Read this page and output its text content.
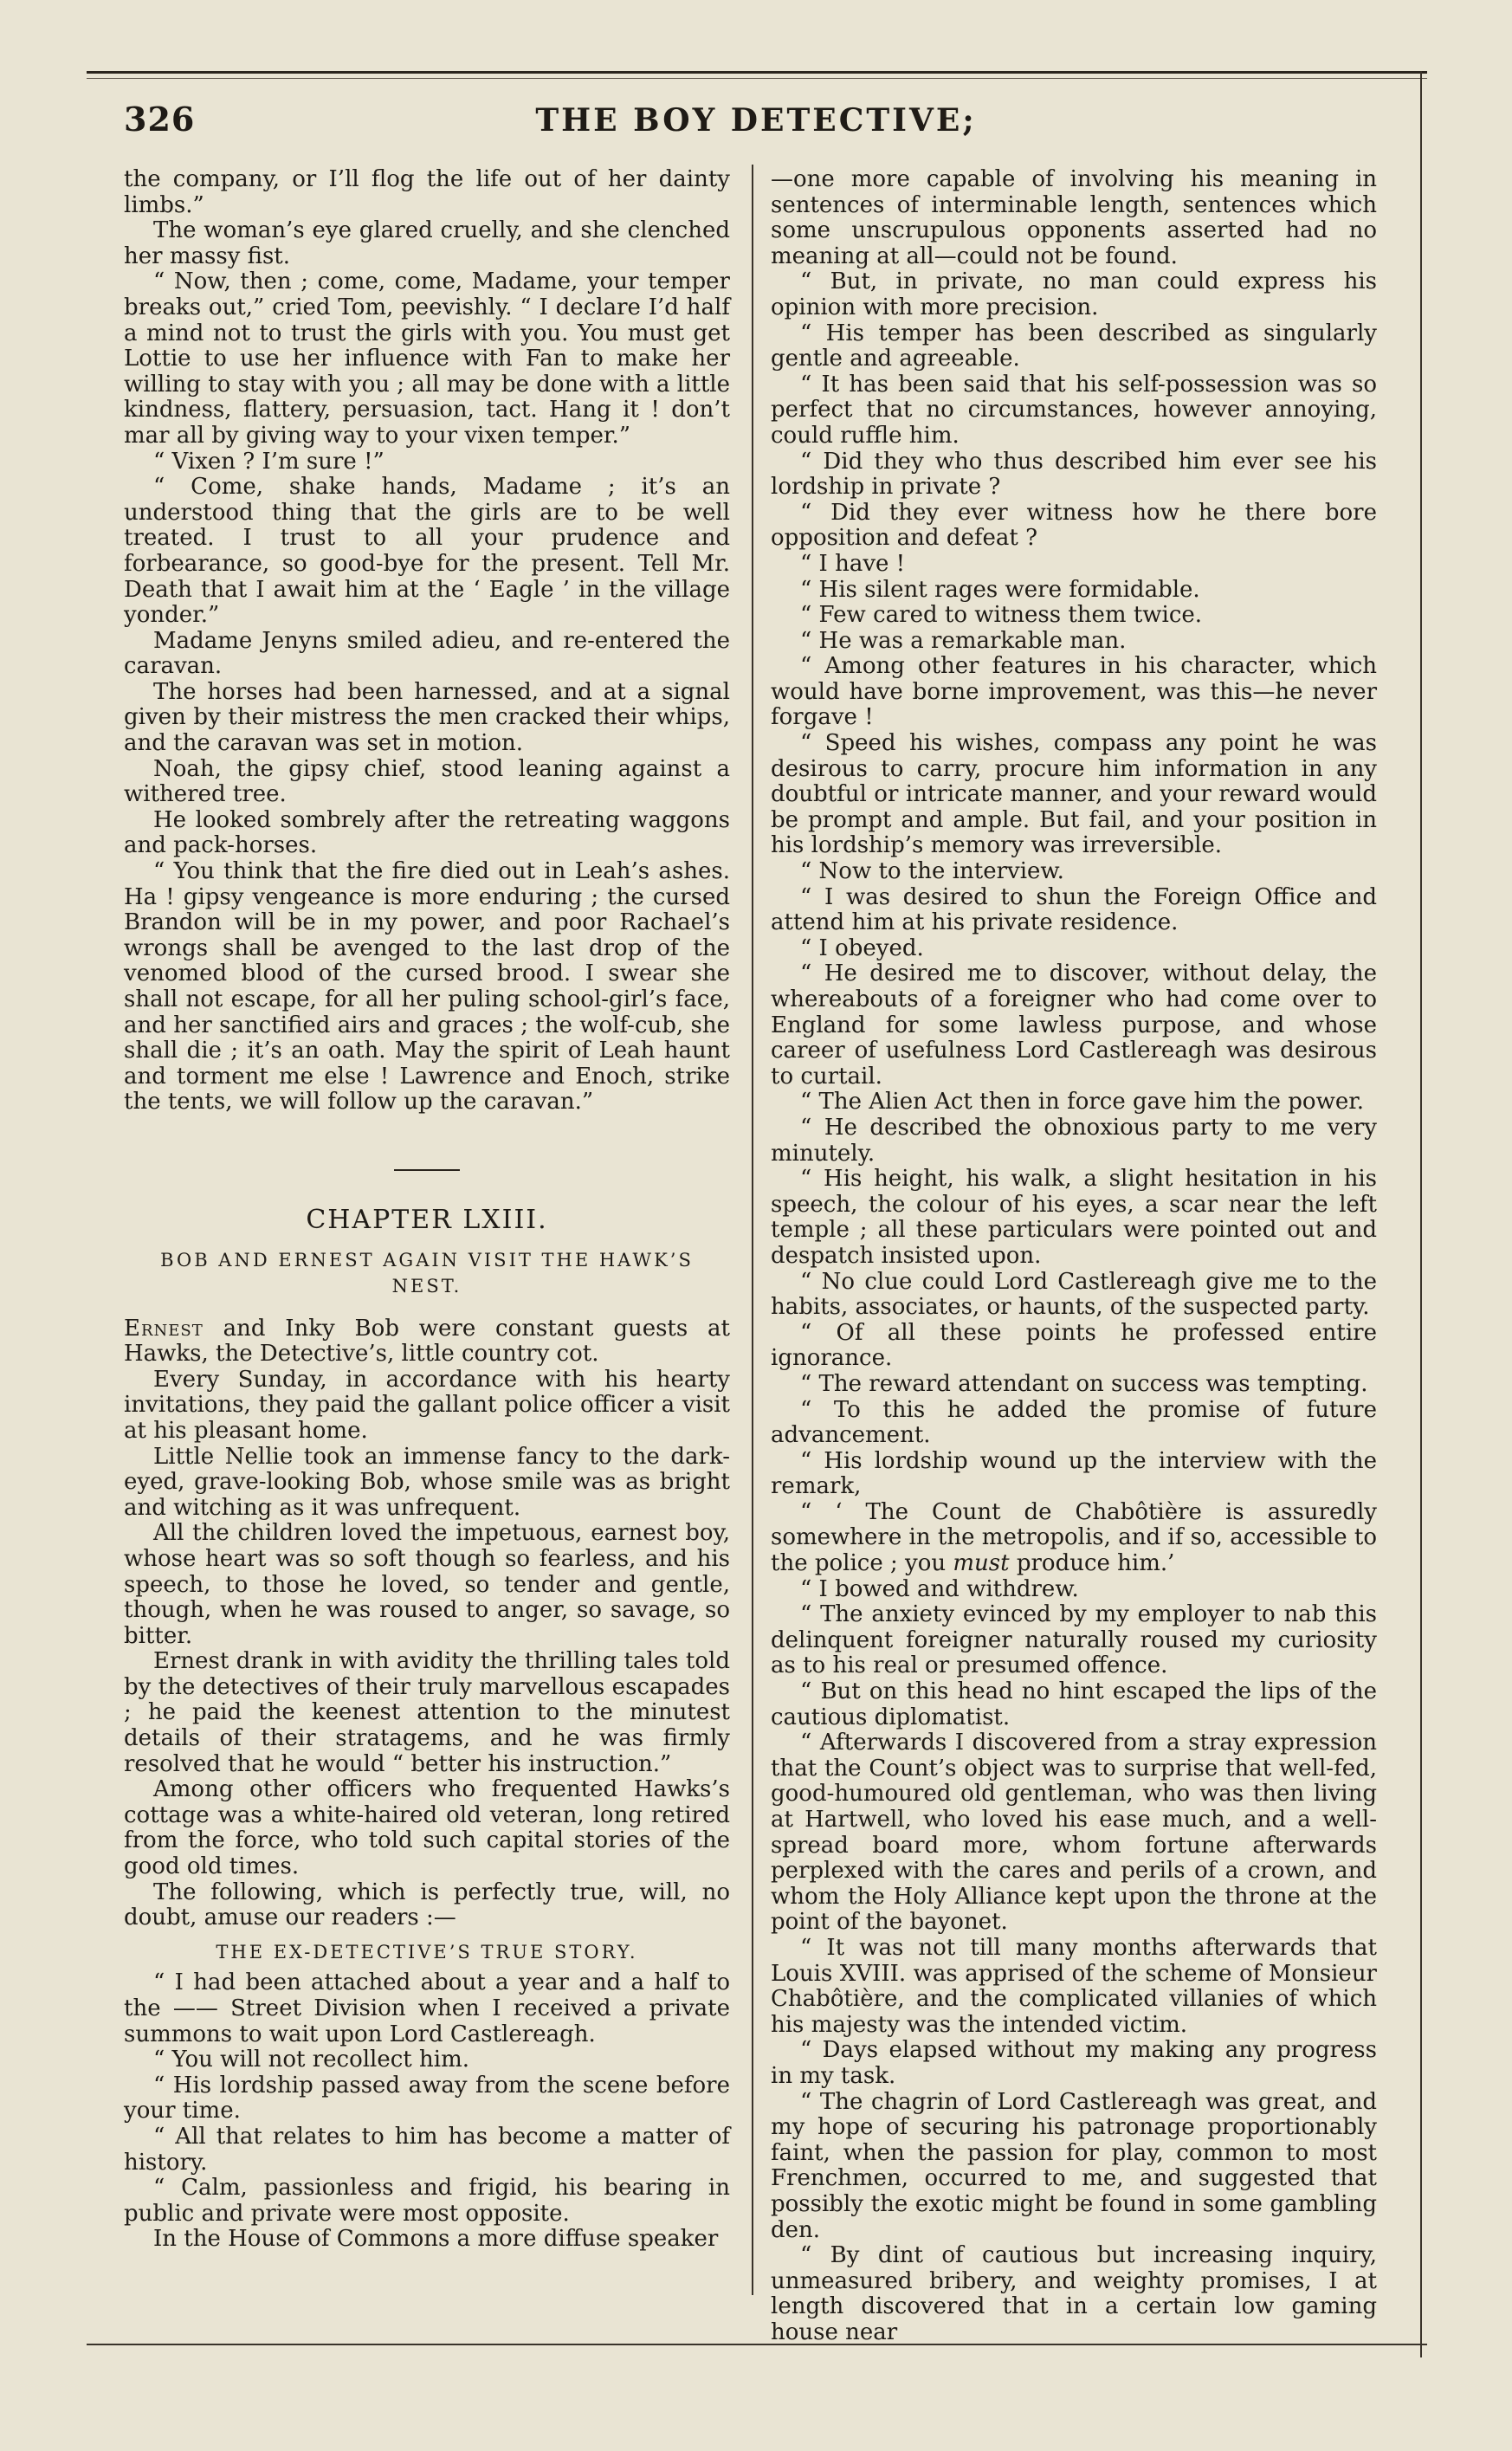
326	THE BOY DETECTIVE;

the company, or I’ll flog the life out of her dainty limbs.”

The woman’s eye glared cruelly, and she clenched her massy fist.

“ Now, then ; come, come, Madame, your temper breaks out,” cried Tom, peevishly. “ I declare I’d half a mind not to trust the girls with you. You must get Lottie to use her influence with Fan to make her willing to stay with you ; all may be done with a little kindness, flattery, persuasion, tact. Hang it ! don’t mar all by giving way to your vixen temper.”

“ Vixen ? I’m sure !”

“ Come, shake hands, Madame ; it’s an understood thing that the girls are to be well treated. I trust to all your prudence and forbearance, so good-bye for the present. Tell Mr. Death that I await him at the ‘ Eagle ’ in the village yonder.”

Madame Jenyns smiled adieu, and re-entered the caravan.

The horses had been harnessed, and at a signal given by their mistress the men cracked their whips, and the caravan was set in motion.

Noah, the gipsy chief, stood leaning against a withered tree.

He looked sombrely after the retreating waggons and pack-horses.

“ You think that the fire died out in Leah’s ashes. Ha ! gipsy vengeance is more enduring ; the cursed Brandon will be in my power, and poor Rachael’s wrongs shall be avenged to the last drop of the venomed blood of the cursed brood. I swear she shall not escape, for all her puling school-girl’s face, and her sanctified airs and graces ; the wolf-cub, she shall die ; it’s an oath. May the spirit of Leah haunt and torment me else ! Lawrence and Enoch, strike the tents, we will follow up the caravan.”

CHAPTER LXIII.
BOB AND ERNEST AGAIN VISIT THE HAWK’S NEST.

Ernest and Inky Bob were constant guests at Hawks, the Detective’s, little country cot.

Every Sunday, in accordance with his hearty invitations, they paid the gallant police officer a visit at his pleasant home.

Little Nellie took an immense fancy to the dark-eyed, grave-looking Bob, whose smile was as bright and witching as it was unfrequent.

All the children loved the impetuous, earnest boy, whose heart was so soft though so fearless, and his speech, to those he loved, so tender and gentle, though, when he was roused to anger, so savage, so bitter.

Ernest drank in with avidity the thrilling tales told by the detectives of their truly marvellous escapades ; he paid the keenest attention to the minutest details of their stratagems, and he was firmly resolved that he would “ better his instruction.”

Among other officers who frequented Hawks’s cottage was a white-haired old veteran, long retired from the force, who told such capital stories of the good old times.

The following, which is perfectly true, will, no doubt, amuse our readers :—

THE EX-DETECTIVE’S TRUE STORY.

“ I had been attached about a year and a half to the —— Street Division when I received a private summons to wait upon Lord Castlereagh.

“ You will not recollect him.

“ His lordship passed away from the scene before your time.

“ All that relates to him has become a matter of history.

“ Calm, passionless and frigid, his bearing in public and private were most opposite.

In the House of Commons a more diffuse speaker

—one more capable of involving his meaning in sentences of interminable length, sentences which some unscrupulous opponents asserted had no meaning at all—could not be found.

“ But, in private, no man could express his opinion with more precision.

“ His temper has been described as singularly gentle and agreeable.

“ It has been said that his self-possession was so perfect that no circumstances, however annoying, could ruffle him.

“ Did they who thus described him ever see his lordship in private ?

“ Did they ever witness how he there bore opposition and defeat ?

“ I have !

“ His silent rages were formidable.

“ Few cared to witness them twice.

“ He was a remarkable man.

“ Among other features in his character, which would have borne improvement, was this—he never forgave !

“ Speed his wishes, compass any point he was desirous to carry, procure him information in any doubtful or intricate manner, and your reward would be prompt and ample. But fail, and your position in his lordship’s memory was irreversible.

“ Now to the interview.

“ I was desired to shun the Foreign Office and attend him at his private residence.

“ I obeyed.

“ He desired me to discover, without delay, the whereabouts of a foreigner who had come over to England for some lawless purpose, and whose career of usefulness Lord Castlereagh was desirous to curtail.

“ The Alien Act then in force gave him the power.

“ He described the obnoxious party to me very minutely.

“ His height, his walk, a slight hesitation in his speech, the colour of his eyes, a scar near the left temple ; all these particulars were pointed out and despatch insisted upon.

“ No clue could Lord Castlereagh give me to the habits, associates, or haunts, of the suspected party.

“ Of all these points he professed entire ignorance.

“ The reward attendant on success was tempting.

“ To this he added the promise of future advancement.

“ His lordship wound up the interview with the remark,

“ ‘ The Count de Chabôtière is assuredly somewhere in the metropolis, and if so, accessible to the police ; you must produce him.’

“ I bowed and withdrew.

“ The anxiety evinced by my employer to nab this delinquent foreigner naturally roused my curiosity as to his real or presumed offence.

“ But on this head no hint escaped the lips of the cautious diplomatist.

“ Afterwards I discovered from a stray expression that the Count’s object was to surprise that well-fed, good-humoured old gentleman, who was then living at Hartwell, who loved his ease much, and a well-spread board more, whom fortune afterwards perplexed with the cares and perils of a crown, and whom the Holy Alliance kept upon the throne at the point of the bayonet.

“ It was not till many months afterwards that Louis XVIII. was apprised of the scheme of Monsieur Chabôtière, and the complicated villanies of which his majesty was the intended victim.

“ Days elapsed without my making any progress in my task.

“ The chagrin of Lord Castlereagh was great, and my hope of securing his patronage proportionably faint, when the passion for play, common to most Frenchmen, occurred to me, and suggested that possibly the exotic might be found in some gambling den.

“ By dint of cautious but increasing inquiry, unmeasured bribery, and weighty promises, I at length discovered that in a certain low gaming house near
